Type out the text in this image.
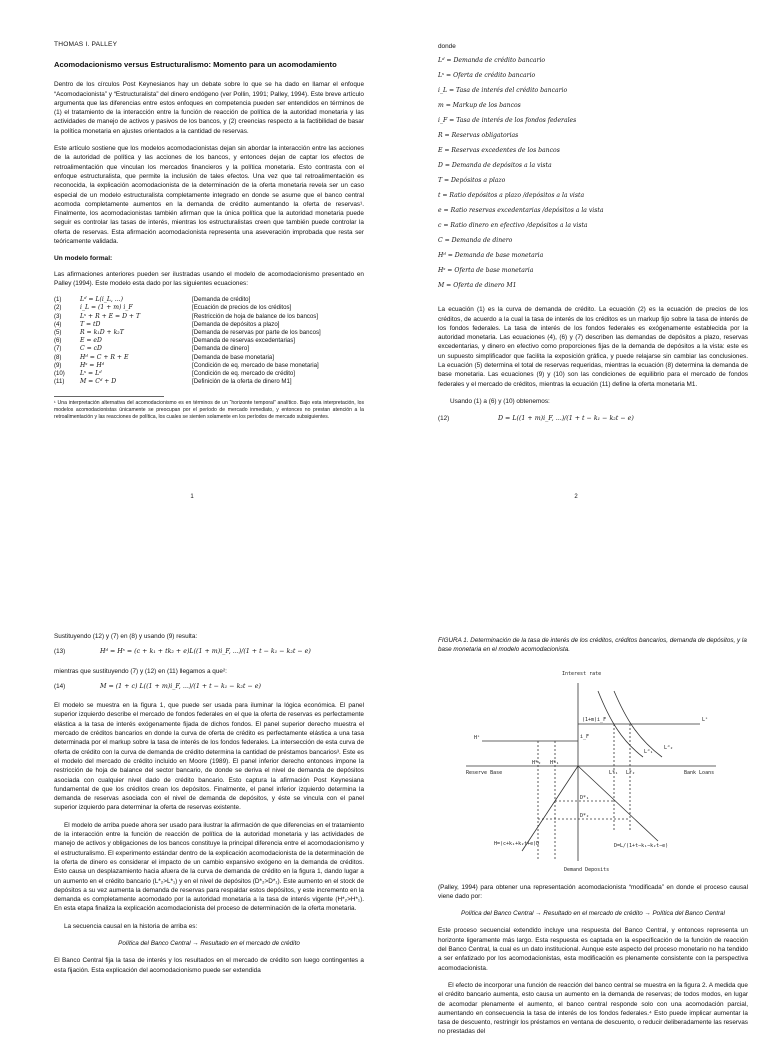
THOMAS I. PALLEY
Acomodacionismo versus Estructuralismo: Momento para un acomodamiento
Dentro de los círculos Post Keynesianos hay un debate sobre lo que se ha dado en llamar el enfoque “Acomodacionista” y “Estructuralista” del dinero endógeno (ver Pollin, 1991; Palley, 1994). Este breve artículo argumenta que las diferencias entre estos enfoques en competencia pueden ser entendidos en términos de (1) el tratamiento de la interacción entre la función de reacción de política de la autoridad monetaria y las actividades de manejo de activos y pasivos de los bancos, y (2) creencias respecto a la factibilidad de basar la política monetaria en ajustes orientados a la cantidad de reservas.
Este artículo sostiene que los modelos acomodacionistas dejan sin abordar la interacción entre las acciones de la autoridad de política y las acciones de los bancos, y entonces dejan de captar los efectos de retroalimentación que vinculan los mercados financieros y la política monetaria. Esto contrasta con el enfoque estructuralista, que permite la inclusión de tales efectos. Una vez que tal retroalimentación es reconocida, la explicación acomodacionista de la determinación de la oferta monetaria revela ser un caso especial de un modelo estructuralista completamente integrado en donde se asume que el banco central acomoda completamente aumentos en la demanda de crédito aumentando la oferta de reservas¹. Finalmente, los acomodacionistas también afirman que la única política que la autoridad monetaria puede seguir es controlar las tasas de interés, mientras los estructuralistas creen que también puede controlar la oferta de reservas. Esta afirmación acomodacionista representa una aseveración improbada que resta ser teóricamente validada.
Un modelo formal:
Las afirmaciones anteriores pueden ser ilustradas usando el modelo de acomodacionismo presentado en Palley (1994). Este modelo esta dado por las siguientes ecuaciones:
(1)	Lᵈ = L(i_L, ...)	[Demanda de crédito]
(2)	i_L = (1 + m) i_F	[Ecuación de precios de los créditos]
(3)	Lˢ + R + E = D + T	[Restricción de hoja de balance de los bancos]
(4)	T = tD	[Demanda de depósitos a plazo]
(5)	R = k₁D + k₂T	[Demanda de reservas por parte de los bancos]
(6)	E = eD	[Demanda de reservas excedentarias]
(7)	C = cD	[Demanda de dinero]
(8)	Hᵈ = C + R + E	[Demanda de base monetaria]
(9)	Hˢ = Hᵈ	[Condición de eq. mercado de base monetaria]
(10)	Lˢ = Lᵈ	[Condición de eq. mercado de crédito]
(11)	M = Cᵈ + D	[Definición de la oferta de dinero M1]
¹ Una interpretación alternativa del acomodacionismo es en términos de un “horizonte temporal” analítico. Bajo esta interpretación, los modelos acomodacionistas únicamente se preocupan por el período de mercado inmediato, y entonces no prestan atención a la retroalimentación y las reacciones de política, los cuales se sienten solamente en los períodos de mercado subsiguientes.
1
donde
Lᵈ = Demanda de crédito bancario
Lˢ = Oferta de crédito bancario
i_L = Tasa de interés del crédito bancario
m = Markup de los bancos
i_F = Tasa de interés de los fondos federales
R = Reservas obligatorias
E = Reservas excedentes de los bancos
D = Demanda de depósitos a la vista
T = Depósitos a plazo
t = Ratio depósitos a plazo /depósitos a la vista
e = Ratio reservas excedentarias /depósitos a la vista
c = Ratio dinero en efectivo /depósitos a la vista
C = Demanda de dinero
Hᵈ = Demanda de base monetaria
Hˢ = Oferta de base monetaria
M = Oferta de dinero M1
La ecuación (1) es la curva de demanda de crédito. La ecuación (2) es la ecuación de precios de los créditos, de acuerdo a la cual la tasa de interés de los créditos es un markup fijo sobre la tasa de interés de los fondos federales. La tasa de interés de los fondos federales es exógenamente establecida por la autoridad monetaria. Las ecuaciones (4), (6) y (7) describen las demandas de depósitos a plazo, reservas excedentarias, y dinero en efectivo como proporciones fijas de la demanda de depósitos a la vista: este es un supuesto simplificador que facilita la exposición gráfica, y puede relajarse sin cambiar las conclusiones. La ecuación (5) determina el total de reservas requeridas, mientras la ecuación (8) determina la demanda de base monetaria. Las ecuaciones (9) y (10) son las condiciones de equilibrio para el mercado de fondos federales y el mercado de créditos, mientras la ecuación (11) define la oferta monetaria M1.
Usando (1) a (6) y (10) obtenemos:
(12)	D = L((1 + m)i_F, ...)/(1 + t − k₁ − k₂t − e)
2
Sustituyendo (12) y (7) en (8) y usando (9) resulta:
(13)	Hᵈ = Hˢ = (c + k₁ + tk₂ + e)L((1 + m)i_F, ...)/(1 + t − k₁ − k₂t − e)
mientras que sustituyendo (7) y (12) en (11) llegamos a que²:
(14)	M = (1 + c) L((1 + m)i_F, ...)/(1 + t − k₁ − k₂t − e)
El modelo se muestra en la figura 1, que puede ser usada para iluminar la lógica económica. El panel superior izquierdo describe el mercado de fondos federales en el que la oferta de reservas es perfectamente elástica a la tasa de interés exógenamente fijada de dichos fondos. El panel superior derecho muestra el mercado de créditos bancarios en donde la curva de oferta de crédito es perfectamente elástica a una tasa determinada por el markup sobre la tasa de interés de los fondos federales. La intersección de esta curva de oferta de crédito con la curva de demanda de crédito determina la cantidad de préstamos bancarios³. Este es el modelo del mercado de crédito incluido en Moore (1989). El panel inferior derecho entonces impone la restricción de hoja de balance del sector bancario, de donde se deriva el nivel de demanda de depósitos asociada con cualquier nivel dado de crédito bancario. Esto captura la afirmación Post Keynesiana fundamental de que los créditos crean los depósitos. Finalmente, el panel inferior izquierdo determina la demanda de reservas asociada con el nivel de demanda de depósitos, y éste se vincula con el panel superior izquierdo para determinar la oferta de reservas existente.
El modelo de arriba puede ahora ser usado para ilustrar la afirmación de que diferencias en el tratamiento de la interacción entre la función de reacción de política de la autoridad monetaria y las actividades de manejo de activos y obligaciones de los bancos constituye la principal diferencia entre el acomodacionismo y el estructuralismo. El experimento estándar dentro de la explicación acomodacionista de la determinación de la oferta de dinero es considerar el impacto de un cambio expansivo exógeno en la demanda de créditos. Esto causa un desplazamiento hacia afuera de la curva de demanda de crédito en la figura 1, dando lugar a un aumento en el crédito bancario (L*₂>L*₁) y en el nivel de depósitos (D*₂>D*₁). Este aumento en el stock de depósitos a su vez aumenta la demanda de reservas para respaldar estos depósitos, y este incremento en la demanda es completamente acomodado por la autoridad monetaria a la tasa de interés vigente (H*₂>H*₁). En esta etapa finaliza la explicación acomodacionista del proceso de determinación de la oferta monetaria.
La secuencia causal en la historia de arriba es:
Política del Banco Central → Resultado en el mercado de crédito
El Banco Central fija la tasa de interés y los resultados en el mercado de crédito son luego contingentes a esta fijación. Esta explicación del acomodacionismo puede ser extendida
FIGURA 1. Determinación de la tasa de interés de los créditos, créditos bancarios, demanda de depósitos, y la base monetaria en el modelo acomodacionista.
Interest rate
(1+m)i_F	Lˢ
Lᵈ₁
Lᵈ₂
Hˢ	i_F
Reserve Base	Bank Loans
H*₂ H*₁
L*₁ L*₂
D*₁
D*₂
H=(c+k₁+k₂t+e)D	D=L/(1+t−k₁−k₂t−e)
Demand Deposits
(Palley, 1994) para obtener una representación acomodacionista “modificada” en donde el proceso causal viene dado por:
Política del Banco Central → Resultado en el mercado de crédito → Política del Banco Central
Este proceso secuencial extendido incluye una respuesta del Banco Central, y entonces representa un horizonte ligeramente más largo. Esta respuesta es captada en la especificación de la función de reacción del Banco Central, la cual es un dato institucional. Aunque este aspecto del proceso monetario no ha tendido a ser enfatizado por los acomodacionistas, esta modificación es plenamente consistente con la perspectiva acomodacionista.
El efecto de incorporar una función de reacción del banco central se muestra en la figura 2. A medida que el crédito bancario aumenta, esto causa un aumento en la demanda de reservas; de todos modos, en lugar de acomodar plenamente el aumento, el banco central responde solo con una acomodación parcial, aumentando en consecuencia la tasa de interés de los fondos federales.⁴ Esto puede implicar aumentar la tasa de descuento, restringir los préstamos en ventana de descuento, o reducir deliberadamente las reservas no prestadas del
